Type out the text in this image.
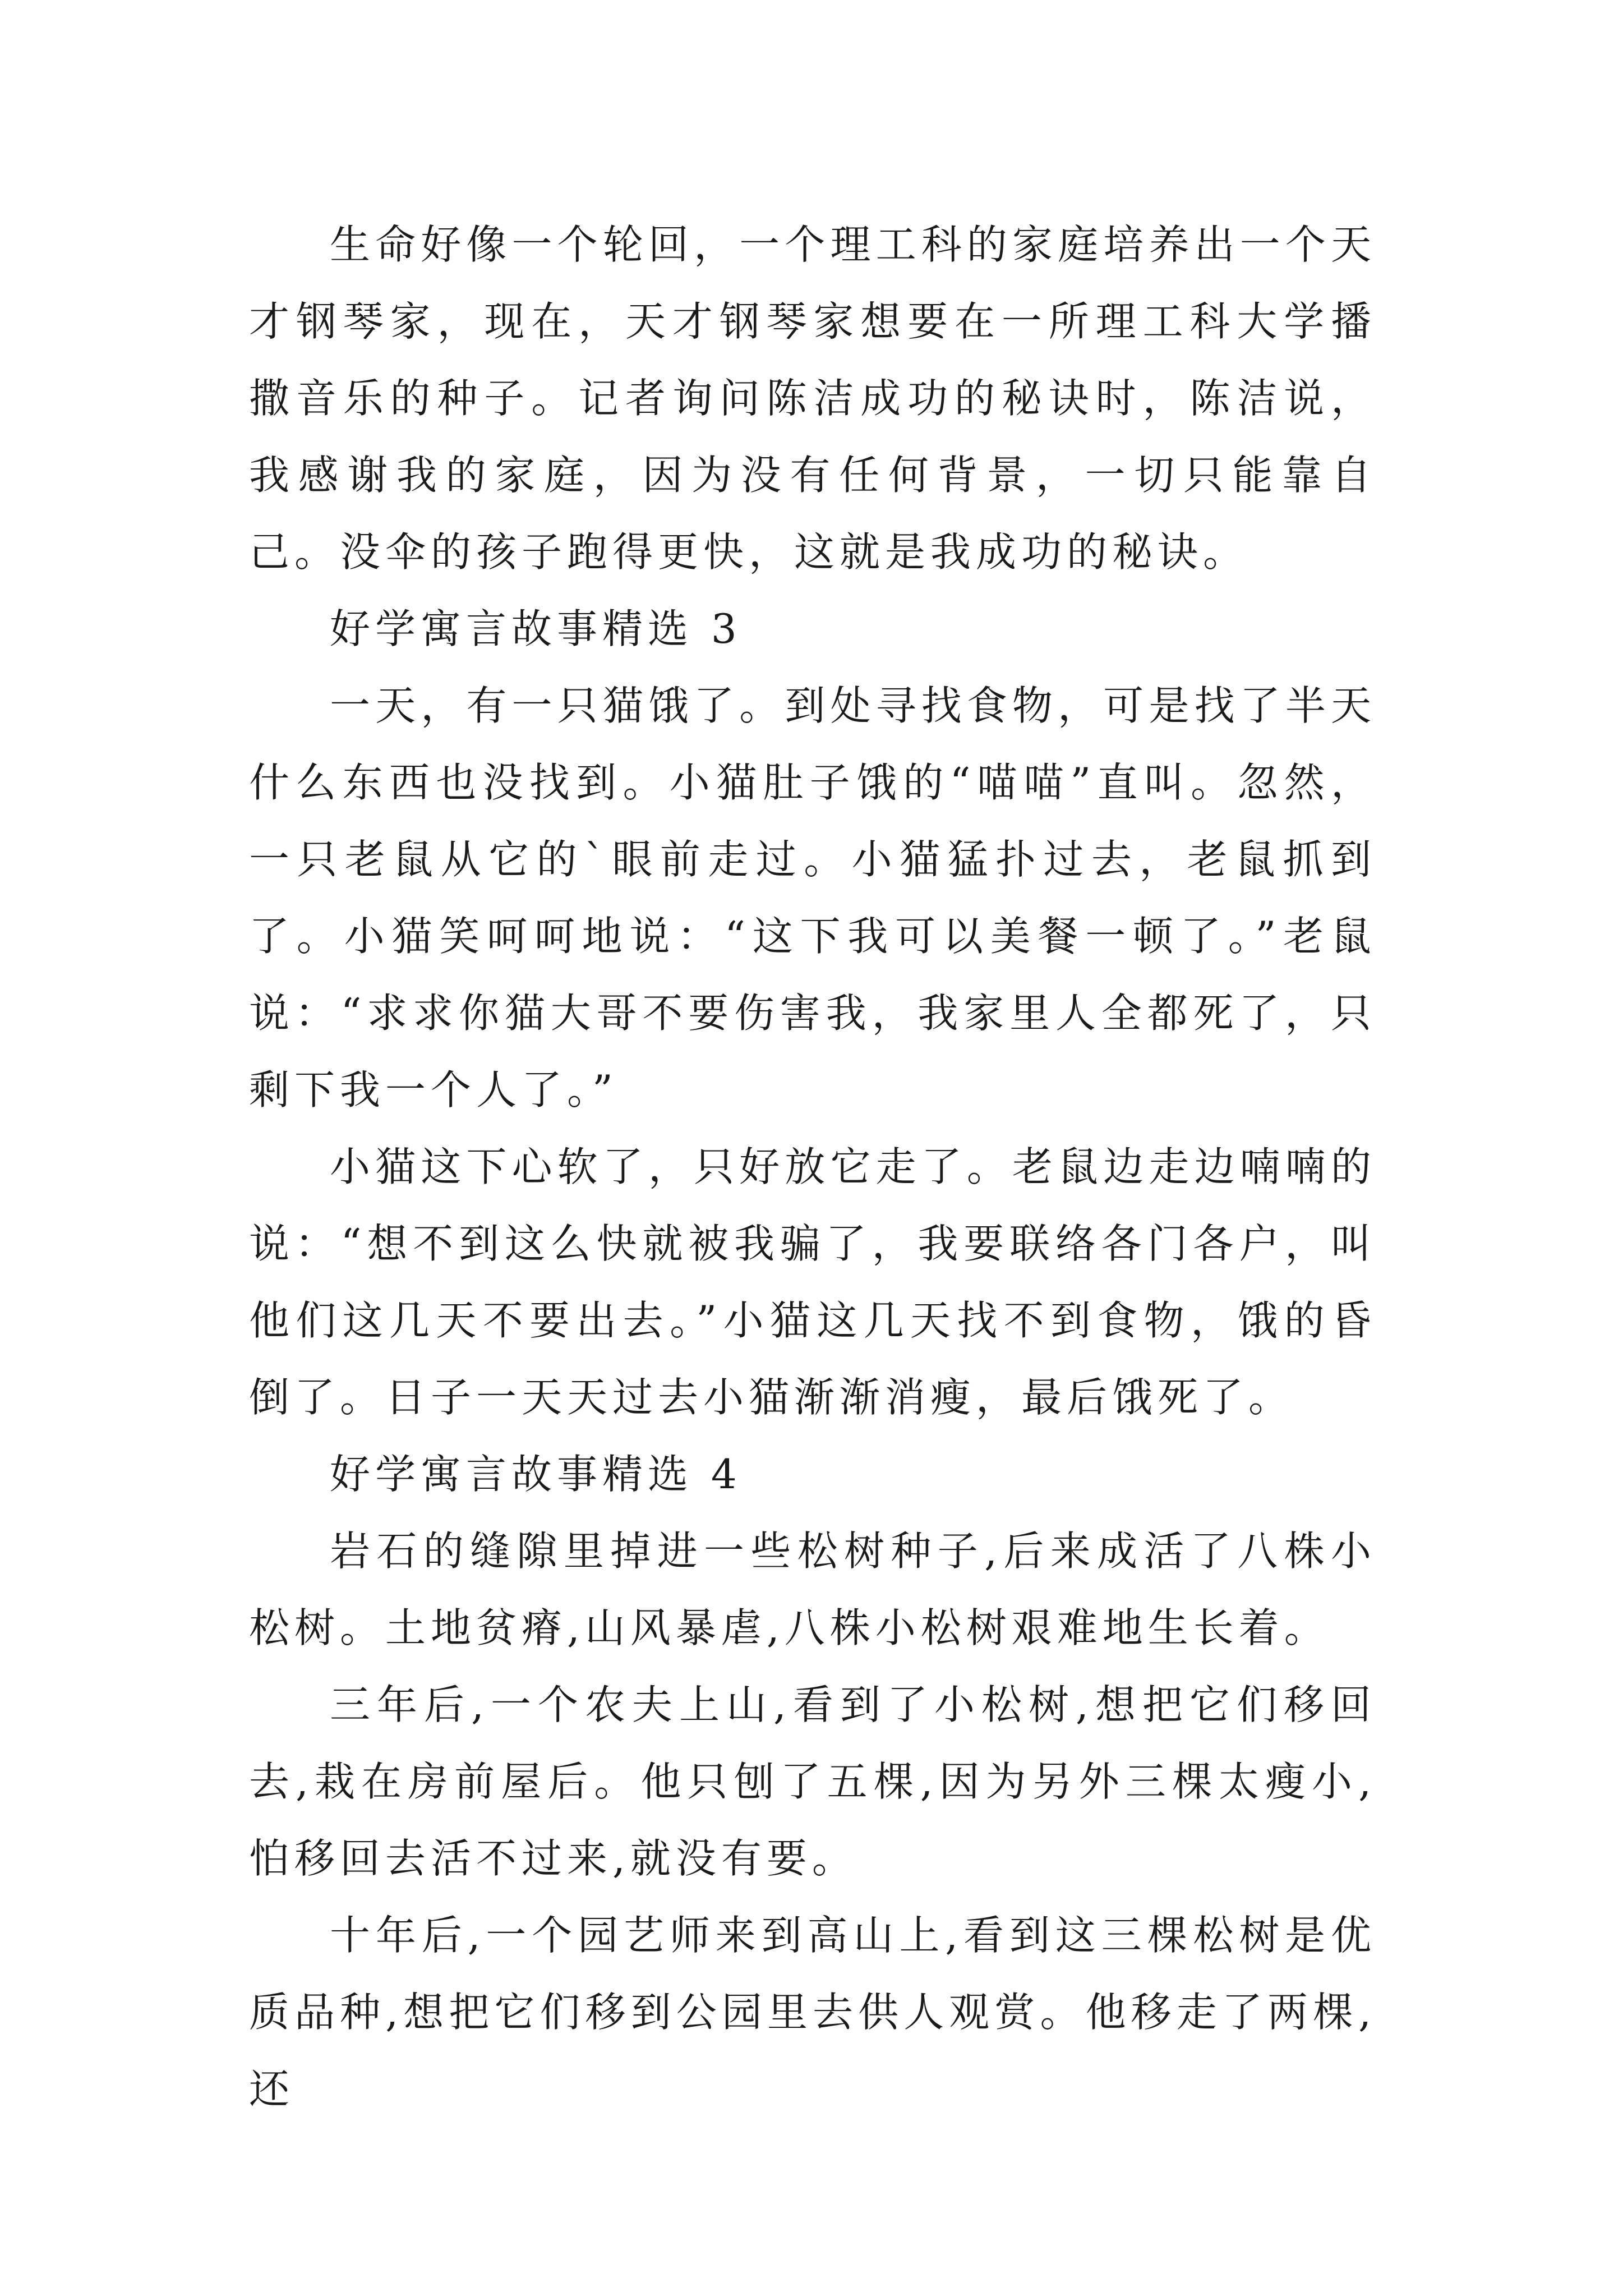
生命好像一个轮回，一个理工科的家庭培养出一个天才钢琴家，现在，天才钢琴家想要在一所理工科大学播撒音乐的种子。记者询问陈洁成功的秘诀时，陈洁说，我感谢我的家庭，因为没有任何背景，一切只能靠自己。没伞的孩子跑得更快，这就是我成功的秘诀。

好学寓言故事精选 3

一天，有一只猫饿了。到处寻找食物，可是找了半天什么东西也没找到。小猫肚子饿的“喵喵”直叫。忽然，一只老鼠从它的`眼前走过。小猫猛扑过去，老鼠抓到了。小猫笑呵呵地说：“这下我可以美餐一顿了。”老鼠说：“求求你猫大哥不要伤害我，我家里人全都死了，只剩下我一个人了。”

小猫这下心软了，只好放它走了。老鼠边走边喃喃的说：“想不到这么快就被我骗了，我要联络各门各户，叫他们这几天不要出去。”小猫这几天找不到食物，饿的昏倒了。日子一天天过去小猫渐渐消瘦，最后饿死了。

好学寓言故事精选 4

岩石的缝隙里掉进一些松树种子,后来成活了八株小松树。土地贫瘠,山风暴虐,八株小松树艰难地生长着。

三年后,一个农夫上山,看到了小松树,想把它们移回去,栽在房前屋后。他只刨了五棵,因为另外三棵太瘦小,怕移回去活不过来,就没有要。

十年后,一个园艺师来到高山上,看到这三棵松树是优质品种,想把它们移到公园里去供人观赏。他移走了两棵,还
